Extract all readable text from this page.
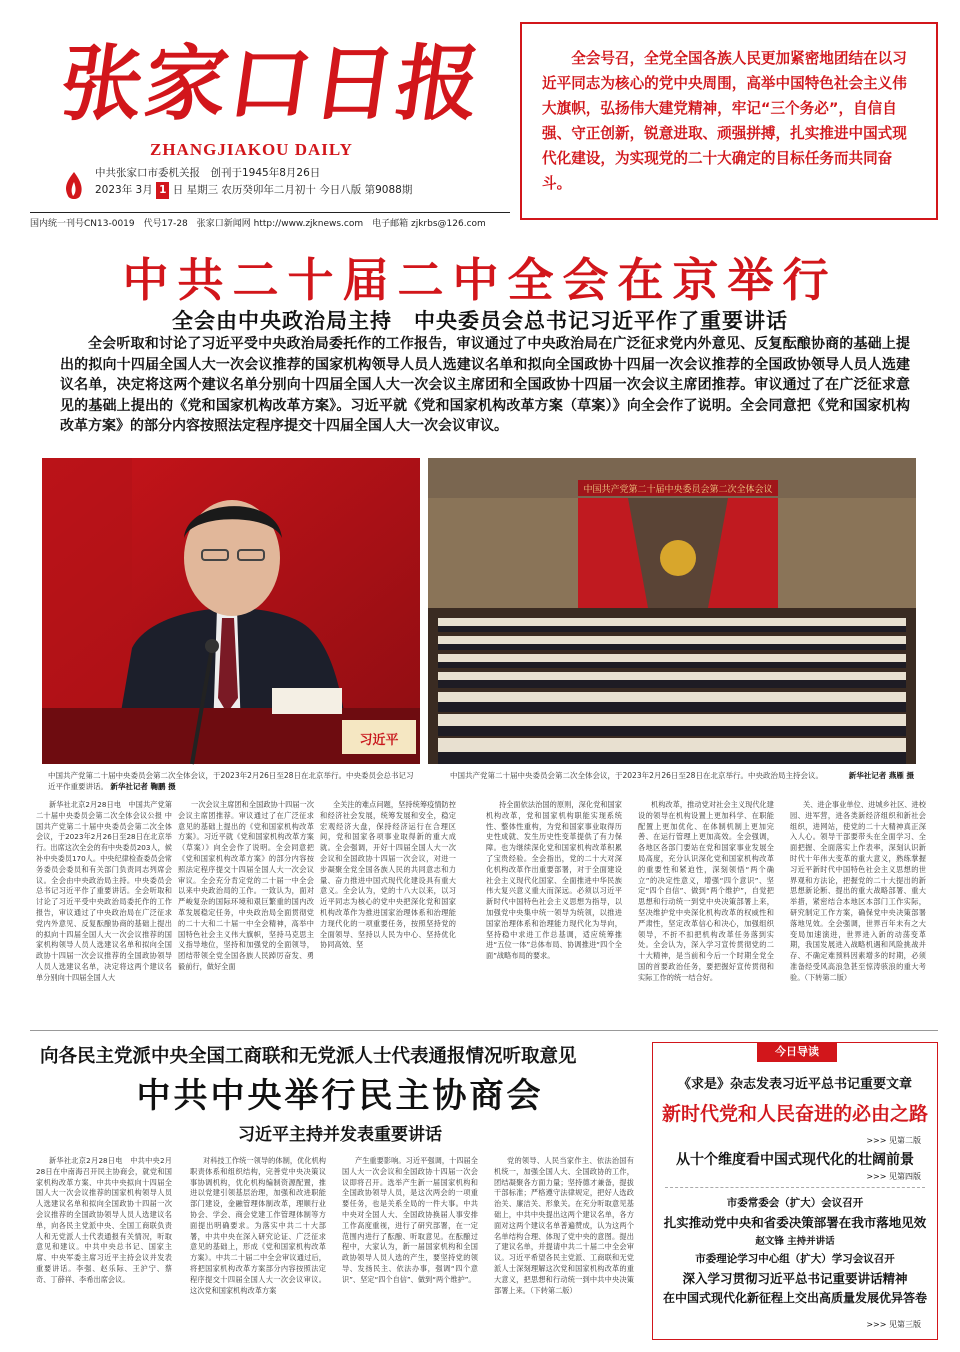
张家口日报
ZHANGJIAKOU DAILY
中共张家口市委机关报　创刊于1945年8月26日
2023年 3月 1 日 星期三 农历癸卯年二月初十 今日八版 第9088期
国内统一刊号CN13-0019　代号17-28　张家口新闻网 http://www.zjknews.com　电子邮箱 zjkrbs@126.com

全会号召，全党全国各族人民更加紧密地团结在以习近平同志为核心的党中央周围，高举中国特色社会主义伟大旗帜，弘扬伟大建党精神，牢记“三个务必”，自信自强、守正创新，锐意进取、顽强拼搏，扎实推进中国式现代化建设，为实现党的二十大确定的目标任务而共同奋斗。

中共二十届二中全会在京举行
全会由中央政治局主持　中央委员会总书记习近平作了重要讲话
全会听取和讨论了习近平受中央政治局委托作的工作报告，审议通过了中央政治局在广泛征求党内外意见、反复酝酿协商的基础上提出的拟向十四届全国人大一次会议推荐的国家机构领导人员人选建议名单和拟向全国政协十四届一次会议推荐的全国政协领导人员人选建议名单，决定将这两个建议名单分别向十四届全国人大一次会议主席团和全国政协十四届一次会议主席团推荐。审议通过了在广泛征求意见的基础上提出的《党和国家机构改革方案》。习近平就《党和国家机构改革方案（草案）》向全会作了说明。全会同意把《党和国家机构改革方案》的部分内容按照法定程序提交十四届全国人大一次会议审议。
习近平
中国共产党第二十届中央委员会第二次全体会议，于2023年2月26日至28日在北京举行。中央委员会总书记习近平作重要讲话。 新华社记者 鞠鹏 摄
中国共产党第二十届中央委员会第二次全体会议
中国共产党第二十届中央委员会第二次全体会议，于2023年2月26日至28日在北京举行。中央政治局主持会议。	新华社记者 燕雁 摄
新华社北京2月28日电　中国共产党第二十届中央委员会第二次全体会议公报 中国共产党第二十届中央委员会第二次全体会议，于2023年2月26日至28日在北京举行。出席这次全会的有中央委员203人，候补中央委员170人。中央纪律检查委员会常务委员会委员和有关部门负责同志列席会议。全会由中央政治局主持。中央委员会总书记习近平作了重要讲话。全会听取和讨论了习近平受中央政治局委托作的工作报告，审议通过了中央政治局在广泛征求党内外意见、反复酝酿协商的基础上提出的拟向十四届全国人大一次会议推荐的国家机构领导人员人选建议名单和拟向全国政协十四届一次会议推荐的全国政协领导人员人选建议名单，决定将这两个建议名单分别向十四届全国人大
一次会议主席团和全国政协十四届一次会议主席团推荐。审议通过了在广泛征求意见的基础上提出的《党和国家机构改革方案》。习近平就《党和国家机构改革方案（草案）》向全会作了说明。全会同意把《党和国家机构改革方案》的部分内容按照法定程序提交十四届全国人大一次会议审议。全会充分肯定党的二十届一中全会以来中央政治局的工作。一致认为，面对严峻复杂的国际环境和艰巨繁重的国内改革发展稳定任务，中央政治局全面贯彻党的二十大和二十届一中全会精神，高举中国特色社会主义伟大旗帜，坚持马克思主义指导地位，坚持和加强党的全面领导，团结带领全党全国各族人民踔厉奋发、勇毅前行，做好全面
全关注的难点问题，坚持统筹疫情防控和经济社会发展，统筹发展和安全，稳定宏观经济大盘，保持经济运行在合理区间，党和国家各项事业取得新的重大成就。全会强调，开好十四届全国人大一次会议和全国政协十四届一次会议，对进一步凝聚全党全国各族人民的共同意志和力量、奋力推进中国式现代化建设具有重大意义。全会认为，党的十八大以来，以习近平同志为核心的党中央把深化党和国家机构改革作为推进国家治理体系和治理能力现代化的一项重要任务，按照坚持党的全面领导、坚持以人民为中心、坚持优化协同高效、坚
持全面依法治国的原则，深化党和国家机构改革，党和国家机构职能实现系统性、整体性重构，为党和国家事业取得历史性成就、发生历史性变革提供了有力保障。也为继续深化党和国家机构改革积累了宝贵经验。全会指出，党的二十大对深化机构改革作出重要部署，对于全面建设社会主义现代化国家、全面推进中华民族伟大复兴意义重大而深远。必须以习近平新时代中国特色社会主义思想为指导，以加强党中央集中统一领导为统领，以推进国家治理体系和治理能力现代化为导向，坚持稳中求进工作总基调，适应统筹推进“五位一体”总体布局、协调推进“四个全面”战略布局的要求。
机构改革，推动党对社会主义现代化建设的领导在机构设置上更加科学、在职能配置上更加优化、在体制机制上更加完善、在运行管理上更加高效。全会强调，各地区各部门要站在党和国家事业发展全局高度，充分认识深化党和国家机构改革的重要性和紧迫性，深刻领悟“两个确立”的决定性意义，增强“四个意识”、坚定“四个自信”、做到“两个维护”，自觉把思想和行动统一到党中央决策部署上来，坚决维护党中央深化机构改革的权威性和严肃性，坚定改革信心和决心，加强组织领导，不折不扣把机构改革任务落到实处。全会认为，深入学习宣传贯彻党的二十大精神，是当前和今后一个时期全党全国的首要政治任务，要把握好宣传贯彻和实际工作的统一结合好。
关、进企事业单位、进城乡社区、进校园、进军营，进各类新经济组织和新社会组织，进网站，使党的二十大精神真正深入人心。领导干部要带头在全面学习、全面把握、全面落实上作表率，深刻认识新时代十年伟大变革的重大意义，熟练掌握习近平新时代中国特色社会主义思想的世界观和方法论，把握党的二十大提出的新思想新论断、提出的重大战略部署、重大举措，紧密结合本地区本部门工作实际，研究制定工作方案，确保党中央决策部署落地见效。全会强调，世界百年未有之大变局加速演进，世界进入新的动荡变革期，我国发展进入战略机遇和风险挑战并存、不确定难预料因素增多的时期，必须准备经受风高浪急甚至惊涛骇浪的重大考验。（下转第二版）
向各民主党派中央全国工商联和无党派人士代表通报情况听取意见
中共中央举行民主协商会
习近平主持并发表重要讲话
新华社北京2月28日电　中共中央2月28日在中南海召开民主协商会，就党和国家机构改革方案、中共中央拟向十四届全国人大一次会议推荐的国家机构领导人员人选建议名单和拟向全国政协十四届一次会议推荐的全国政协领导人员人选建议名单，向各民主党派中央、全国工商联负责人和无党派人士代表通报有关情况，听取意见和建议。中共中央总书记、国家主席、中央军委主席习近平主持会议并发表重要讲话。李强、赵乐际、王沪宁、蔡奇、丁薛祥、李希出席会议。
对科技工作统一领导的体制，优化机构职责体系和组织结构，完善党中央决策议事协调机构，优化机构编制资源配置，推进以党建引领基层治理，加强和改进职能部门建设，金融管理体制改革，理顺行业协会、学会、商会党建工作管理体制等方面提出明确要求。为落实中共二十大部署，中共中央在深入研究论证、广泛征求意见的基础上，形成《党和国家机构改革方案》。中共二十届二中全会审议通过后，将把国家机构改革方案部分内容按照法定程序提交十四届全国人大一次会议审议。这次党和国家机构改革方案
产生重要影响。习近平强调，十四届全国人大一次会议和全国政协十四届一次会议即将召开。选举产生新一届国家机构和全国政协领导人员，是这次两会的一项重要任务，也是关系全局的一件大事。中共中央对全国人大、全国政协换届人事安排工作高度重视，进行了研究部署，在一定范围内进行了酝酿、听取意见。在酝酿过程中，大家认为，新一届国家机构和全国政协领导人员人选的产生，要坚持党的领导、发扬民主、依法办事，强调“四个意识”、坚定“四个自信”、做到“两个维护”。
党的领导、人民当家作主、依法治国有机统一，加强全国人大、全国政协的工作，团结凝聚各方面力量；坚持德才兼备，提拔干部标准；严格遵守法律规定，把好人选政治关、廉洁关、形象关。在充分听取意见基础上，中共中央提出这两个建议名单，各方面对这两个建议名单普遍赞成，认为这两个名单结构合理、体现了党中央的意图。提出了建议名单，并提请中共二十届二中全会审议。习近平希望各民主党派、工商联和无党派人士深刻理解这次党和国家机构改革的重大意义，把思想和行动统一到中共中央决策部署上来。（下转第二版）
今日导读
《求是》杂志发表习近平总书记重要文章
新时代党和人民奋进的必由之路
>>> 见第二版
从十个维度看中国式现代化的壮阔前景
>>> 见第四版
市委常委会（扩大）会议召开
扎实推动党中央和省委决策部署在我市落地见效
赵文锋 主持并讲话
市委理论学习中心组（扩大）学习会议召开
深入学习贯彻习近平总书记重要讲话精神
在中国式现代化新征程上交出高质量发展优异答卷
>>> 见第三版
